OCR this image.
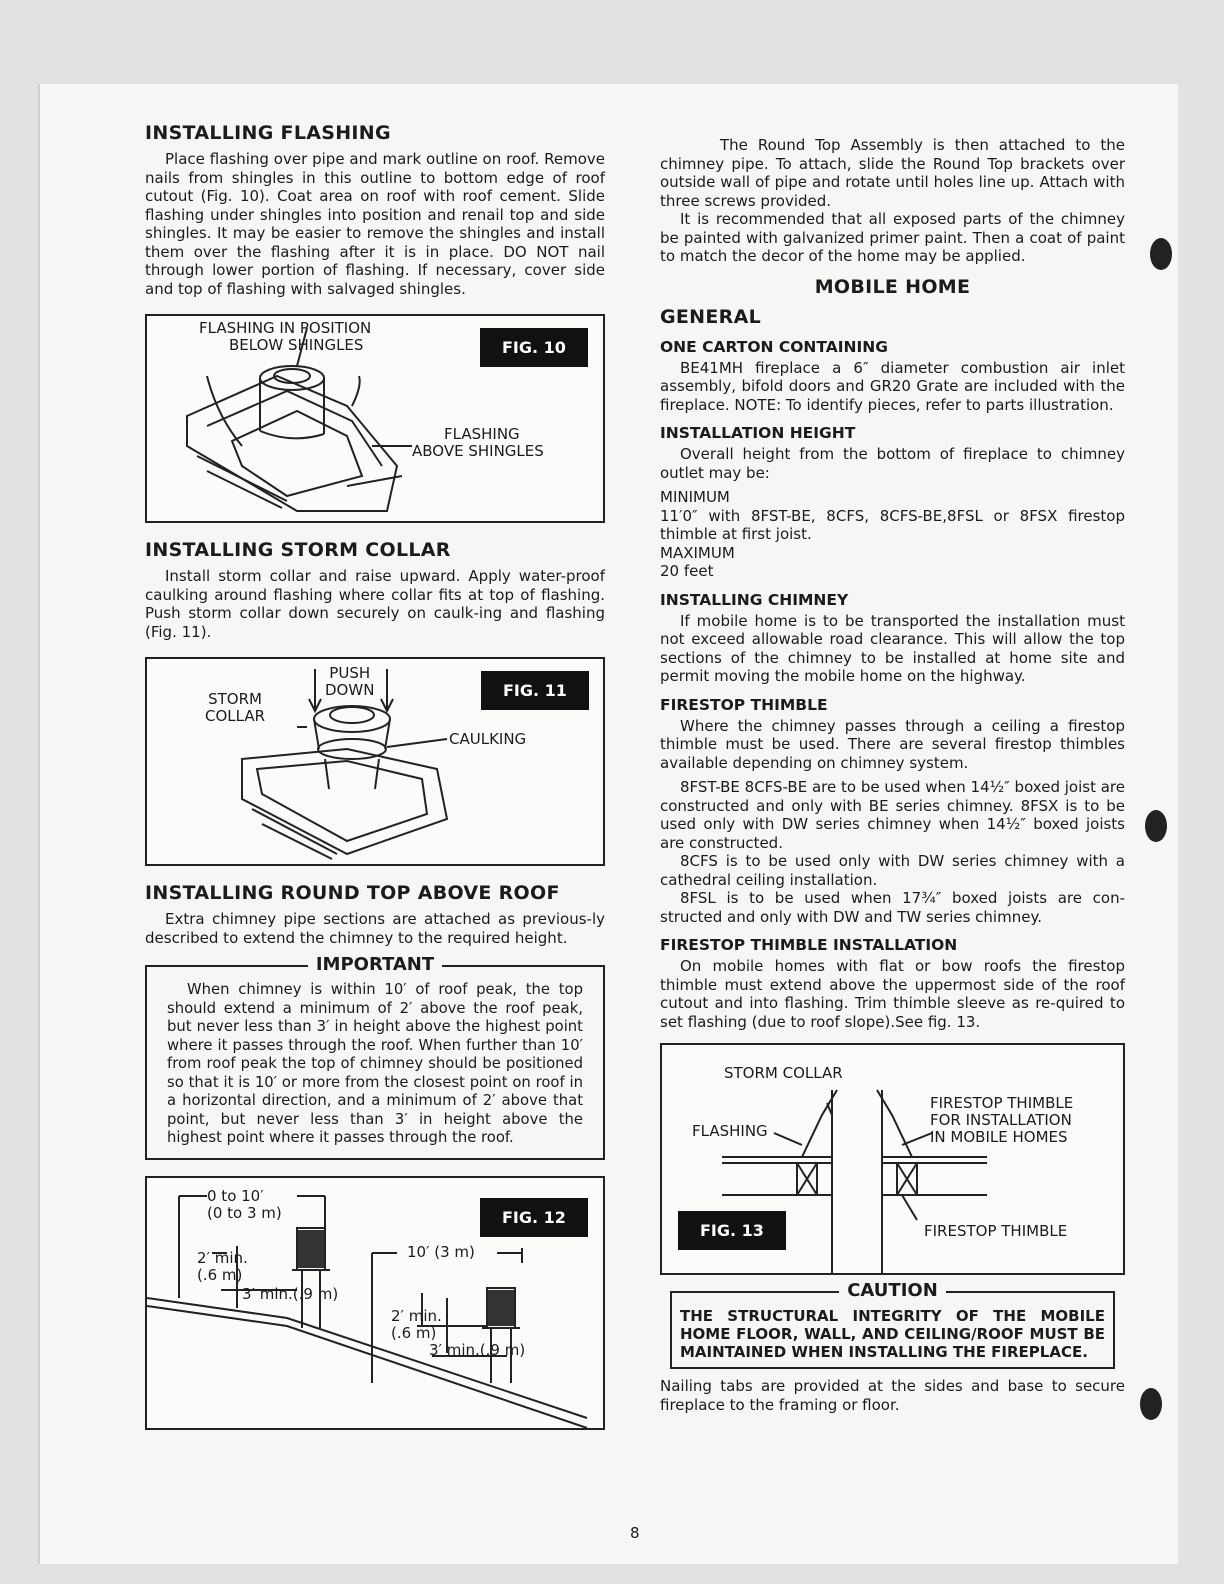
INSTALLING FLASHING

Place flashing over pipe and mark outline on roof. Remove nails from shingles in this outline to bottom edge of roof cutout (Fig. 10). Coat area on roof with roof cement. Slide flashing under shingles into position and renail top and side shingles. It may be easier to remove the shingles and install them over the flashing after it is in place. DO NOT nail through lower portion of flashing. If necessary, cover side and top of flashing with salvaged shingles.

FLASHING IN POSITION
BELOW SHINGLES
FLASHING
ABOVE SHINGLES
FIG. 10
INSTALLING STORM COLLAR

Install storm collar and raise upward. Apply water-proof caulking around flashing where collar fits at top of flashing. Push storm collar down securely on caulk-ing and flashing (Fig. 11).

PUSH
DOWN
STORM
COLLAR
CAULKING
FIG. 11
INSTALLING ROUND TOP ABOVE ROOF

Extra chimney pipe sections are attached as previous-ly described to extend the chimney to the required height.

IMPORTANT

When chimney is within 10′ of roof peak, the top should extend a minimum of 2′ above the roof peak, but never less than 3′ in height above the highest point where it passes through the roof. When further than 10′ from roof peak the top of chimney should be positioned so that it is 10′ or more from the closest point on roof in a horizontal direction, and a minimum of 2′ above that point, but never less than 3′ in height above the highest point where it passes through the roof.

0 to 10′
(0 to 3 m)
2′ min.
(.6 m)
3′ min.(.9 m)
10′ (3 m)
2′ min.
(.6 m)
3′ min.(.9 m)
FIG. 12

The Round Top Assembly is then attached to the chimney pipe. To attach, slide the Round Top brackets over outside wall of pipe and rotate until holes line up. Attach with three screws provided.

It is recommended that all exposed parts of the chimney be painted with galvanized primer paint. Then a coat of paint to match the decor of the home may be applied.

MOBILE HOME
GENERAL
ONE CARTON CONTAINING

BE41MH fireplace a 6″ diameter combustion air inlet assembly, bifold doors and GR20 Grate are included with the fireplace. NOTE: To identify pieces, refer to parts illustration.

INSTALLATION HEIGHT

Overall height from the bottom of fireplace to chimney outlet may be:

MINIMUM

11′0″ with 8FST-BE, 8CFS, 8CFS-BE,8FSL or 8FSX firestop thimble at first joist.

MAXIMUM

20 feet

INSTALLING CHIMNEY

If mobile home is to be transported the installation must not exceed allowable road clearance. This will allow the top sections of the chimney to be installed at home site and permit moving the mobile home on the highway.

FIRESTOP THIMBLE

Where the chimney passes through a ceiling a firestop thimble must be used. There are several firestop thimbles available depending on chimney system.

8FST-BE 8CFS-BE are to be used when 14½″ boxed joist are constructed and only with BE series chimney. 8FSX is to be used only with DW series chimney when 14½″ boxed joists are constructed.

8CFS is to be used only with DW series chimney with a cathedral ceiling installation.

8FSL is to be used when 17¾″ boxed joists are con-structed and only with DW and TW series chimney.

FIRESTOP THIMBLE INSTALLATION

On mobile homes with flat or bow roofs the firestop thimble must extend above the uppermost side of the roof cutout and into flashing. Trim thimble sleeve as re-quired to set flashing (due to roof slope).See fig. 13.

STORM COLLAR
FLASHING
FIRESTOP THIMBLE
FOR INSTALLATION
IN MOBILE HOMES
FIRESTOP THIMBLE
FIG. 13
CAUTION

THE STRUCTURAL INTEGRITY OF THE MOBILE HOME FLOOR, WALL, AND CEILING/ROOF MUST BE MAINTAINED WHEN INSTALLING THE FIREPLACE.

Nailing tabs are provided at the sides and base to secure fireplace to the framing or floor.

8
